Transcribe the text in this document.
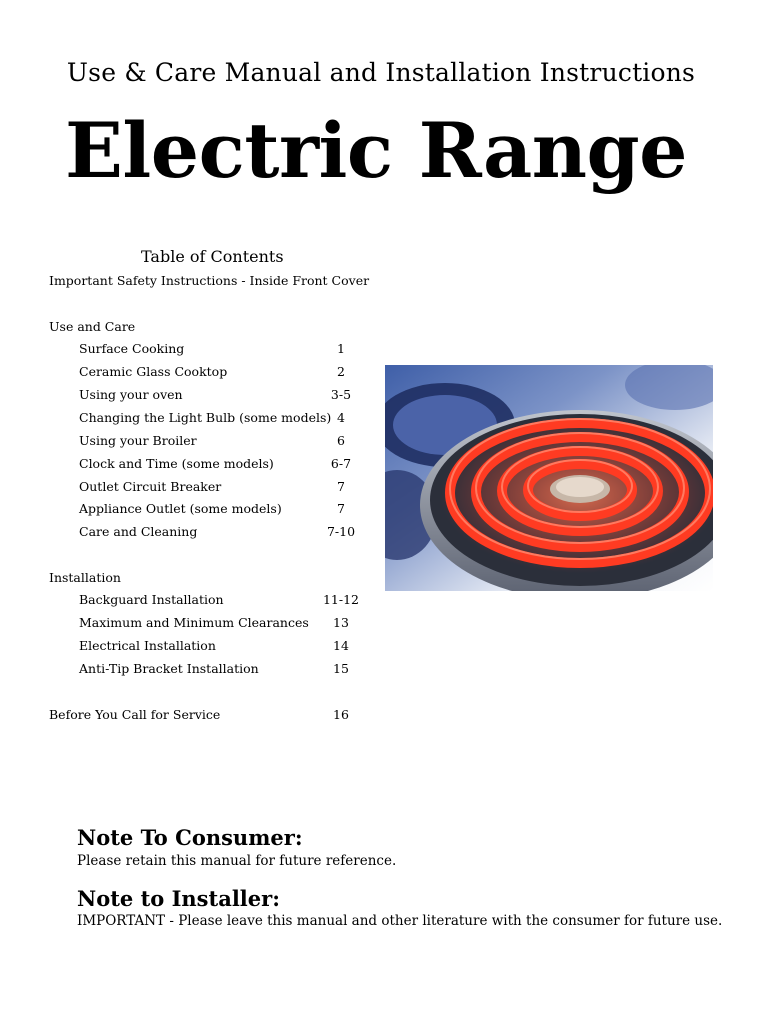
Use & Care Manual and Installation Instructions
Electric Range
Table of Contents
Important Safety Instructions - Inside Front Cover
Use and Care
Surface Cooking	1
Ceramic Glass Cooktop	2
Using your oven	3-5
Changing the Light Bulb (some models) 4
Using your Broiler	6
Clock and Time (some models)	6-7
Outlet Circuit Breaker	7
Appliance Outlet (some models)	7
Care and Cleaning	7-10
Installation
Backguard Installation	11-12
Maximum and Minimum Clearances	13
Electrical Installation	14
Anti-Tip Bracket Installation	15
Before You Call for Service	16
Note To Consumer:
Please retain this manual for future reference.
Note to Installer:
IMPORTANT - Please leave this manual and other literature with the consumer for future use.
